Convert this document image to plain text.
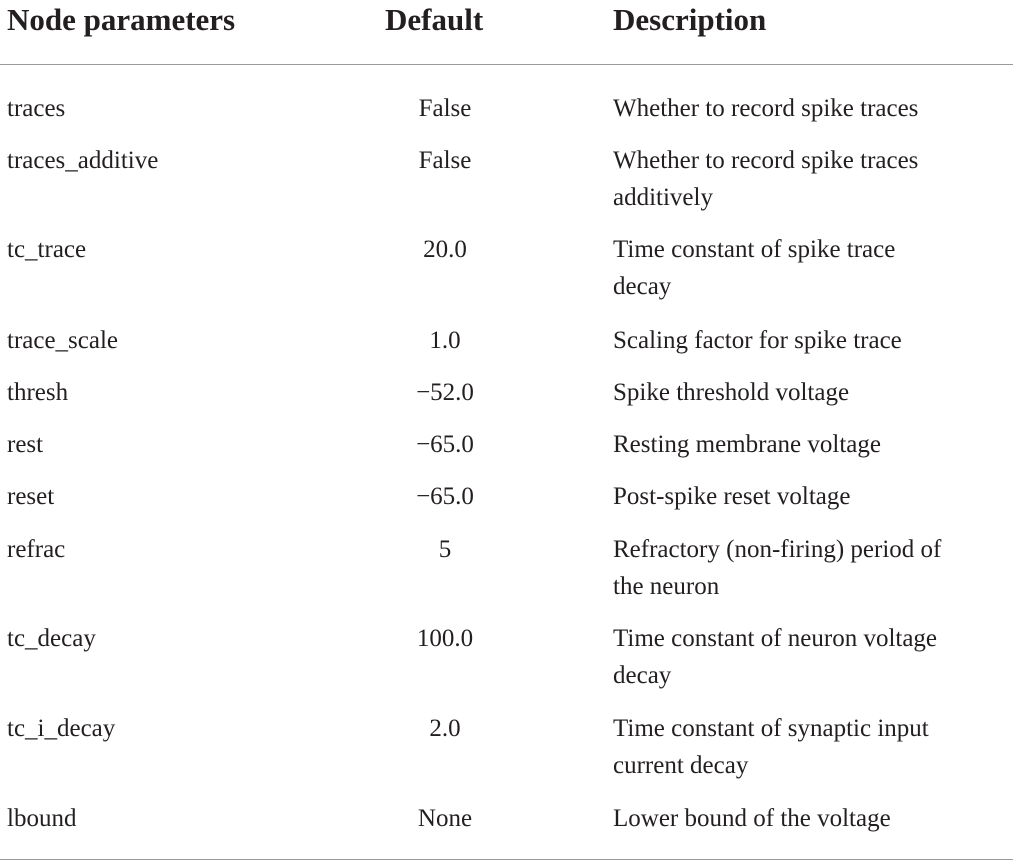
Node parameters	Default	Description
traces	False	Whether to record spike traces
traces_additive	False	Whether to record spike traces
additively
tc_trace	20.0	Time constant of spike trace
decay
trace_scale	1.0	Scaling factor for spike trace
thresh	−52.0	Spike threshold voltage
rest	−65.0	Resting membrane voltage
reset	−65.0	Post-spike reset voltage
refrac	5	Refractory (non-firing) period of
the neuron
tc_decay	100.0	Time constant of neuron voltage
decay
tc_i_decay	2.0	Time constant of synaptic input
current decay
lbound	None	Lower bound of the voltage
